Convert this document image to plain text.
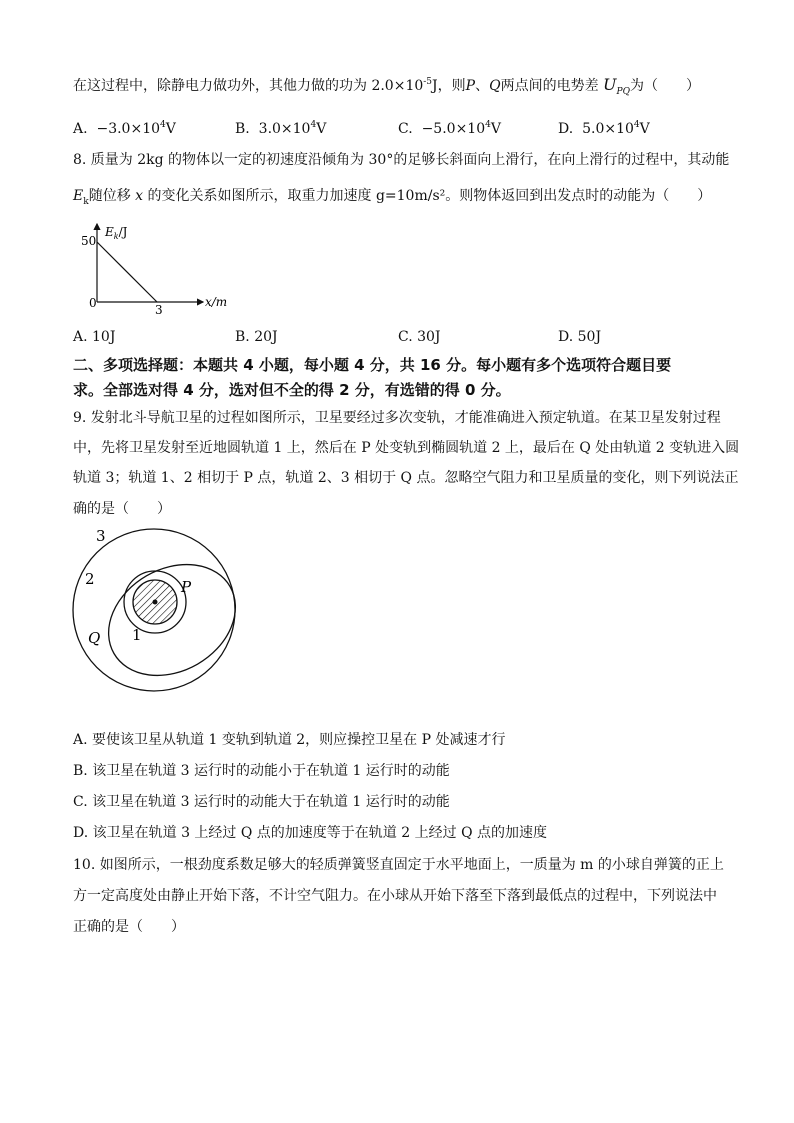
在这过程中，除静电力做功外，其他力做的功为 $2.0\times 10^{-5}J$，则P、Q两点间的电势差 $U_{PQ}$为（　　）
A. $-3.0\times 10^4V$	B. $3.0\times 10^4V$	C. $-5.0\times 10^4V$	D. $5.0\times 10^4V$
8. 质量为 2kg 的物体以一定的初速度沿倾角为 30°的足够长斜面向上滑行，在向上滑行的过程中，其动能
$E_k$随位移 x 的变化关系如图所示，取重力加速度 g=10m/s²。则物体返回到出发点时的动能为（　　）
$E_k/J$
50
0	3
x/m
A. 10J	B. 20J	C. 30J	D. 50J
二、多项选择题：本题共 4 小题，每小题 4 分，共 16 分。每小题有多个选项符合题目要
求。全部选对得 4 分，选对但不全的得 2 分，有选错的得 0 分。
9. 发射北斗导航卫星的过程如图所示，卫星要经过多次变轨，才能准确进入预定轨道。在某卫星发射过程
中，先将卫星发射至近地圆轨道 1 上，然后在 P 处变轨到椭圆轨道 2 上，最后在 Q 处由轨道 2 变轨进入圆
轨道 3；轨道 1、2 相切于 P 点，轨道 2、3 相切于 Q 点。忽略空气阻力和卫星质量的变化，则下列说法正
确的是（　　）
3
2
1
P
Q
A. 要使该卫星从轨道 1 变轨到轨道 2，则应操控卫星在 P 处减速才行
B. 该卫星在轨道 3 运行时的动能小于在轨道 1 运行时的动能
C. 该卫星在轨道 3 运行时的动能大于在轨道 1 运行时的动能
D. 该卫星在轨道 3 上经过 Q 点的加速度等于在轨道 2 上经过 Q 点的加速度
10. 如图所示，一根劲度系数足够大的轻质弹簧竖直固定于水平地面上，一质量为 m 的小球自弹簧的正上
方一定高度处由静止开始下落，不计空气阻力。在小球从开始下落至下落到最低点的过程中，下列说法中
正确的是（　　）
